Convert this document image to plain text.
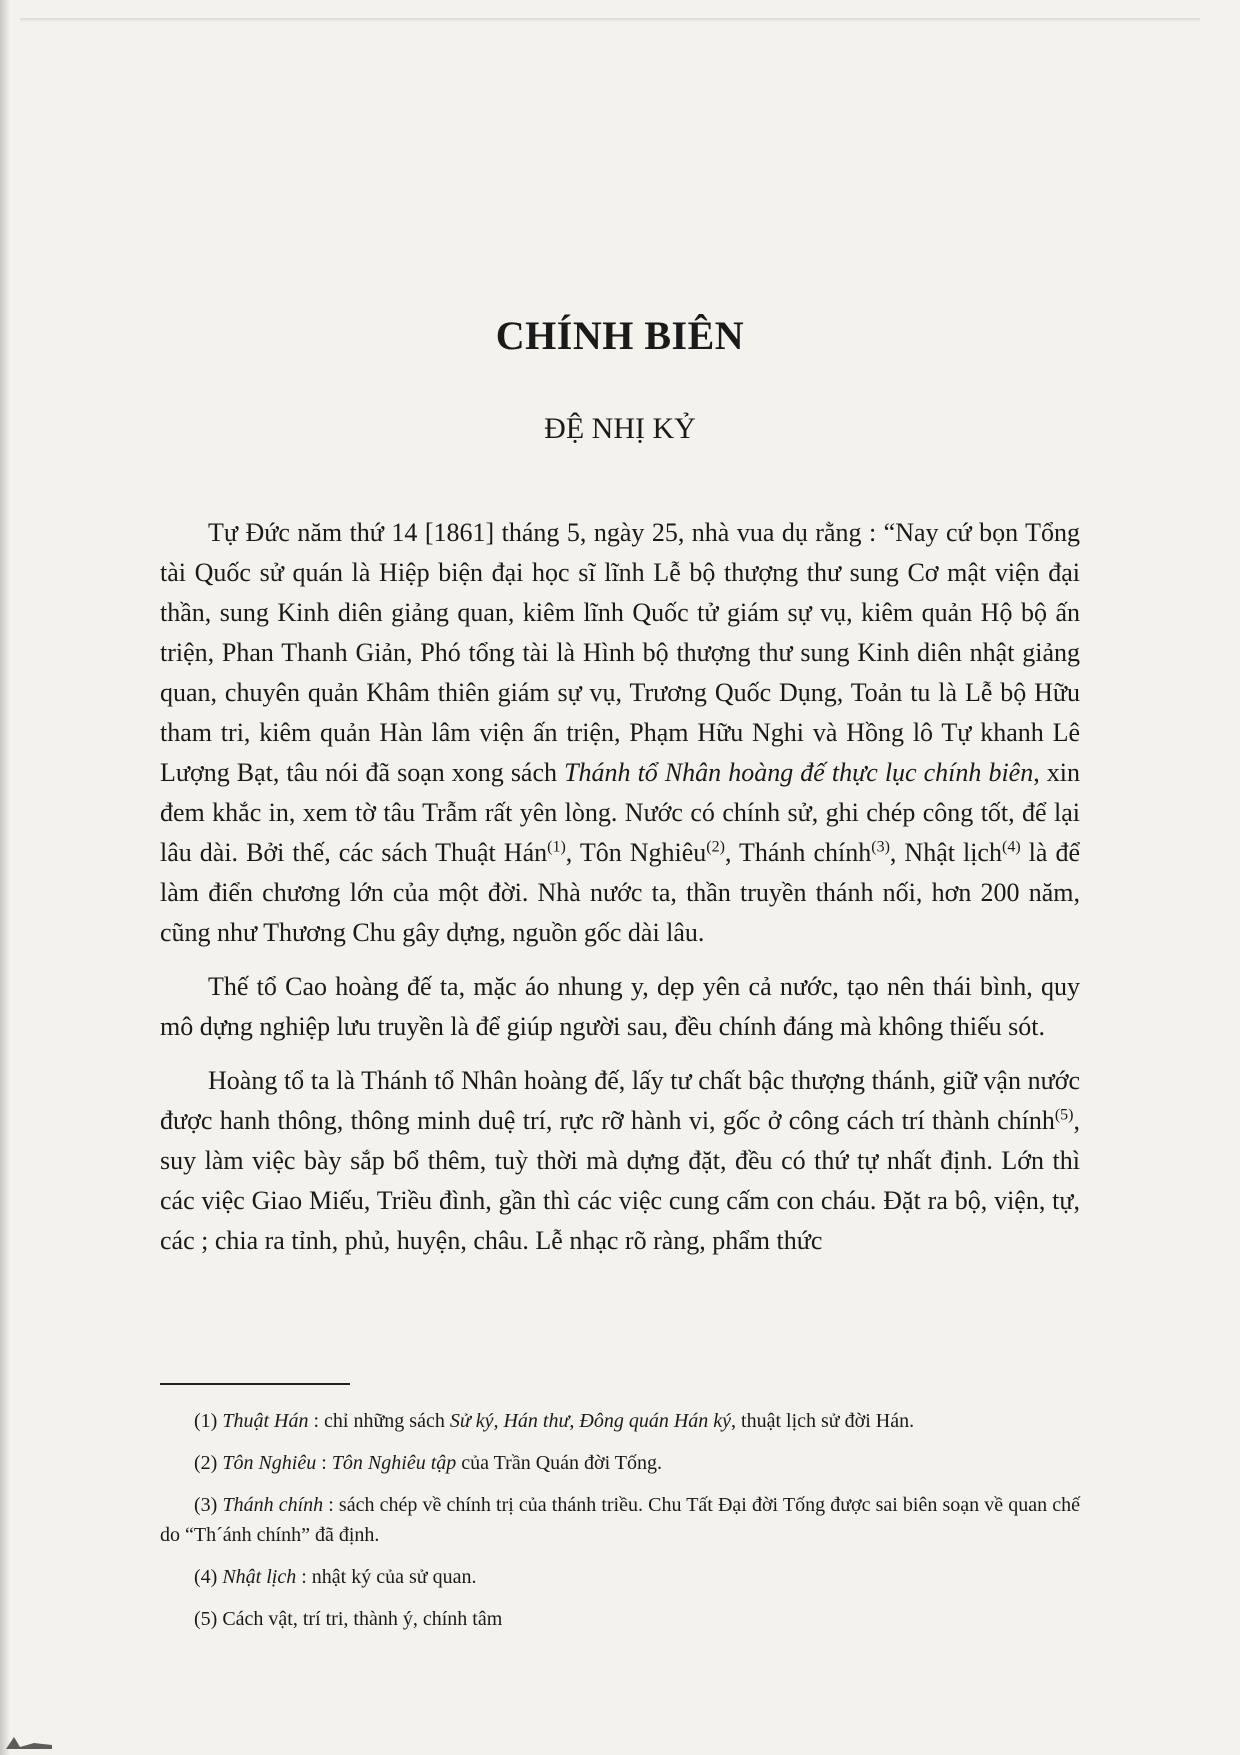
CHÍNH BIÊN
ĐỆ NHỊ KỶ

Tự Đức năm thứ 14 [1861] tháng 5, ngày 25, nhà vua dụ rằng : “Nay cứ bọn Tổng tài Quốc sử quán là Hiệp biện đại học sĩ lĩnh Lễ bộ thượng thư sung Cơ mật viện đại thần, sung Kinh diên giảng quan, kiêm lĩnh Quốc tử giám sự vụ, kiêm quản Hộ bộ ấn triện, Phan Thanh Giản, Phó tổng tài là Hình bộ thượng thư sung Kinh diên nhật giảng quan, chuyên quản Khâm thiên giám sự vụ, Trương Quốc Dụng, Toản tu là Lễ bộ Hữu tham tri, kiêm quản Hàn lâm viện ấn triện, Phạm Hữu Nghi và Hồng lô Tự khanh Lê Lượng Bạt, tâu nói đã soạn xong sách Thánh tổ Nhân hoàng đế thực lục chính biên, xin đem khắc in, xem tờ tâu Trẫm rất yên lòng. Nước có chính sử, ghi chép công tốt, để lại lâu dài. Bởi thế, các sách Thuật Hán$^{(1)}$, Tôn Nghiêu$^{(2)}$, Thánh chính$^{(3)}$, Nhật lịch$^{(4)}$ là để làm điển chương lớn của một đời. Nhà nước ta, thần truyền thánh nối, hơn 200 năm, cũng như Thương Chu gây dựng, nguồn gốc dài lâu.

Thế tổ Cao hoàng đế ta, mặc áo nhung y, dẹp yên cả nước, tạo nên thái bình, quy mô dựng nghiệp lưu truyền là để giúp người sau, đều chính đáng mà không thiếu sót.

Hoàng tổ ta là Thánh tổ Nhân hoàng đế, lấy tư chất bậc thượng thánh, giữ vận nước được hanh thông, thông minh duệ trí, rực rỡ hành vi, gốc ở công cách trí thành chính$^{(5)}$, suy làm việc bày sắp bổ thêm, tuỳ thời mà dựng đặt, đều có thứ tự nhất định. Lớn thì các việc Giao Miếu, Triều đình, gần thì các việc cung cấm con cháu. Đặt ra bộ, viện, tự, các ; chia ra tỉnh, phủ, huyện, châu. Lễ nhạc rõ ràng, phẩm thức

(1) Thuật Hán : chỉ những sách Sử ký, Hán thư, Đông quán Hán ký, thuật lịch sử đời Hán.

(2) Tôn Nghiêu : Tôn Nghiêu tập của Trần Quán đời Tống.

(3) Thánh chính : sách chép về chính trị của thánh triều. Chu Tất Đại đời Tống được sai biên soạn về quan chế do “Th´ánh chính” đã định.

(4) Nhật lịch : nhật ký của sử quan.

(5) Cách vật, trí tri, thành ý, chính tâm
